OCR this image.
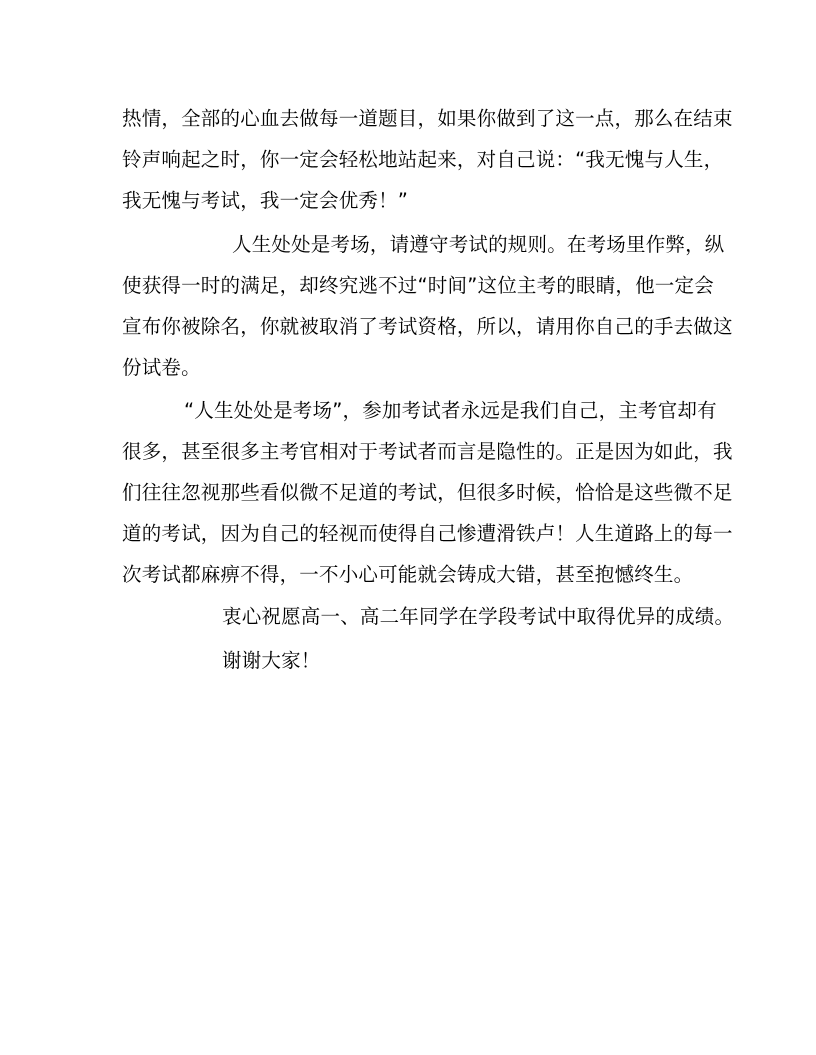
热情，全部的心血去做每一道题目，如果你做到了这一点，那么在结束
铃声响起之时，你一定会轻松地站起来，对自己说：“我无愧与人生，
我无愧与考试，我一定会优秀！”
人生处处是考场，请遵守考试的规则。在考场里作弊，纵
使获得一时的满足，却终究逃不过“时间”这位主考的眼睛，他一定会
宣布你被除名，你就被取消了考试资格，所以，请用你自己的手去做这
份试卷。
“人生处处是考场”，参加考试者永远是我们自己，主考官却有
很多，甚至很多主考官相对于考试者而言是隐性的。正是因为如此，我
们往往忽视那些看似微不足道的考试，但很多时候，恰恰是这些微不足
道的考试，因为自己的轻视而使得自己惨遭滑铁卢！人生道路上的每一
次考试都麻痹不得，一不小心可能就会铸成大错，甚至抱憾终生。
衷心祝愿高一、高二年同学在学段考试中取得优异的成绩。
谢谢大家！
